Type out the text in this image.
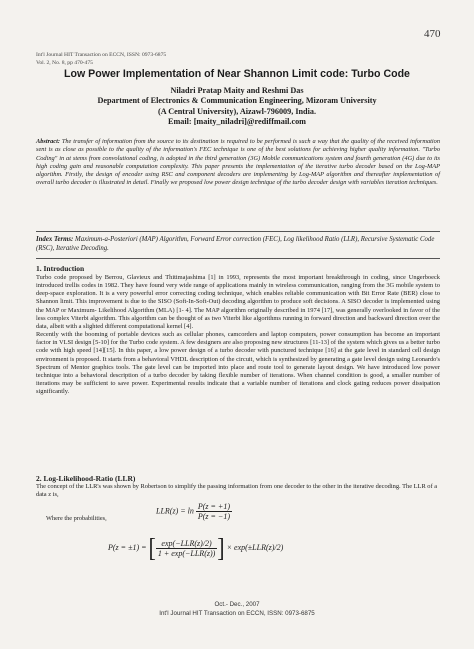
470
Int'l Journal HIT Transaction on ECCN, ISSN: 0973-6875
Vol. 2, No. 8, pp 470-475
Low Power Implementation of Near Shannon Limit code: Turbo Code
Niladri Pratap Maity and Reshmi Das
Department of Electronics & Communication Engineering, Mizoram University
(A Central University), Aizawl-796009, India.
Email: [maity_niladri]@rediffmail.com
Abstract: The transfer of information from the source to its destination is required to be performed is such a way that the quality of the received information sent is as close as possible to the quality of the information's FEC technique is one of the best solutions for achieving higher quality information. "Turbo Coding" in at stems from convolutional coding, is adopted in the third generation (3G) Mobile communications system and fourth generation (4G) due to its high coding gain and reasonable computation complexity. This paper presents the implementation of the iterative turbo decoder based on the Log-MAP algorithm. Firstly, the design of encoder using RSC and component decoders are implementing by Log-MAP algorithm and thereafter implementation of overall turbo decoder is illustrated in detail. Finally we proposed low power design technique of the turbo decoder design with variables iteration techniques.
Index Terms: Maximum-a-Posteriori (MAP) Algorithm, Forward Error correction (FEC), Log likelihood Ratio (LLR), Recursive Systematic Code (RSC), Iterative Decoding.
1. Introduction
Turbo code proposed by Berrou, Glavieux and Thitimajashima [1] in 1993, represents the most important breakthrough in coding, since Ungerboeck introduced trellis codes in 1982. They have found very wide range of applications mainly in wireless communication, ranging from the 3G mobile system to deep-space exploration. It is a very powerful error correcting coding technique, which enables reliable communication with Bit Error Rate (BER) close to Shannon limit. This improvement is due to the SISO (Soft-In-Soft-Out) decoding algorithm to produce soft decisions. A SISO decoder is implemented using the MAP or Maximum- Likelihood Algorithm (MLA) [1- 4]. The MAP algorithm originally described in 1974 [17], was generally overlooked in favor of the less complex Viterbi algorithm. This algorithm can be thought of as two Viterbi like algorithms running in forward direction and backward direction over the data, albeit with a slighted different computational kernel [4].
Recently with the booming of portable devices such as cellular phones, camcorders and laptop computers, power consumption has become an important factor in VLSI design [5-10] for the Turbo code system. A few designers are also proposing new structures [11-13] of the system which gives us a better turbo code with high speed [14][15]. In this paper, a low power design of a turbo decoder with punctured technique [16] at the gate level in standard cell design environment is proposed. It starts from a behavioral VHDL description of the circuit, which is synthesized by generating a gate level design using Leonardo's Spectrum of Mentor graphics tools. The gate level can be imported into place and route tool to generate layout design. We have introduced low power technique into a behavioral description of a turbo decoder by taking flexible number of iterations. When channel condition is good, a smaller number of iterations may be sufficient to save power. Experimental results indicate that a variable number of iterations and clock gating reduces power dissipation significantly.
2. Log-Likelihood-Ratio (LLR)
The concept of the LLR's was shown by Robertson to simplify the passing information from one decoder to the other in the iterative decoding. The LLR of a data z is,
$LLR(z) = \ln \frac{P(z = +1)}{P(z = -1)}$
Where the probabilities,
P(z = ±1) = [ $\frac{\text{exp(−LLR(z)/2)}}{\text{1 + exp(−LLR(z))}}$ ] × exp(±LLR(z)/2)
Oct.- Dec., 2007
Int'l Journal HIT Transaction on ECCN, ISSN: 0973-6875
